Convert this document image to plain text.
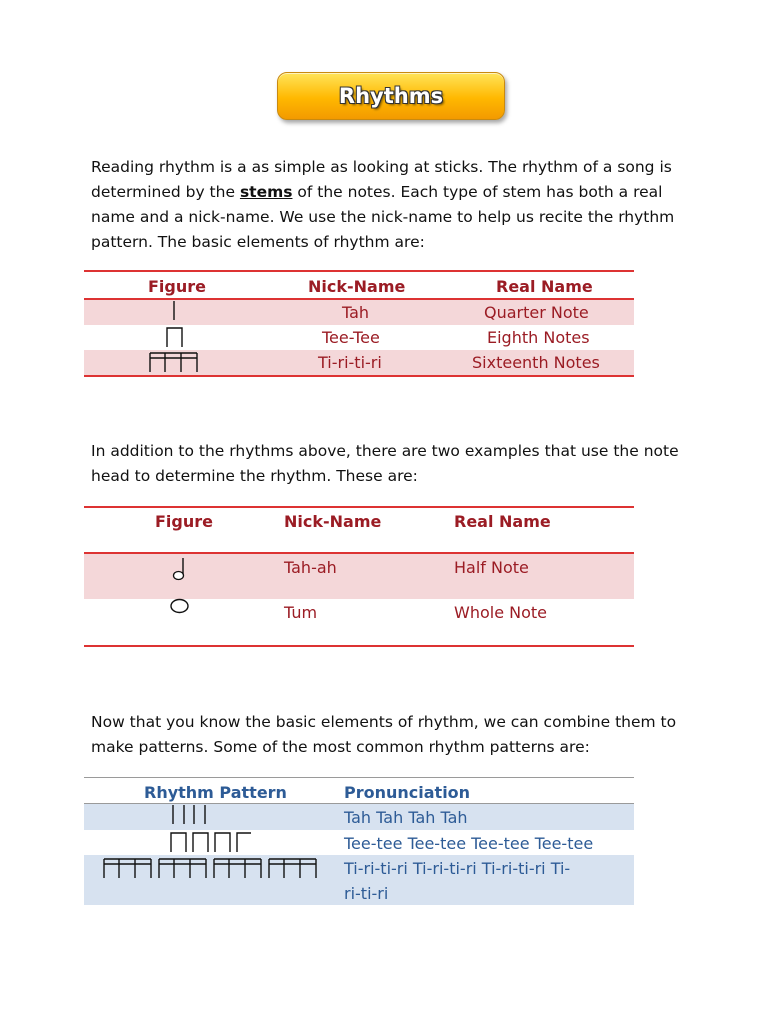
Rhythms
Reading rhythm is a as simple as looking at sticks. The rhythm of a song is determined by the stems of the notes. Each type of stem has both a real name and a nick-name. We use the nick-name to help us recite the rhythm pattern. The basic elements of rhythm are:
Figure	Nick-Name	Real Name
Tah	Quarter Note
Tee-Tee	Eighth Notes
Ti-ri-ti-ri	Sixteenth Notes
In addition to the rhythms above, there are two examples that use the note head to determine the rhythm. These are:
Figure	Nick-Name	Real Name
Tah-ah	Half Note
Tum	Whole Note
Now that you know the basic elements of rhythm, we can combine them to make patterns. Some of the most common rhythm patterns are:
Rhythm Pattern	Pronunciation
Tah Tah Tah Tah
Tee-tee Tee-tee Tee-tee Tee-tee
Ti-ri-ti-ri Ti-ri-ti-ri Ti-ri-ti-ri Ti-
ri-ti-ri
